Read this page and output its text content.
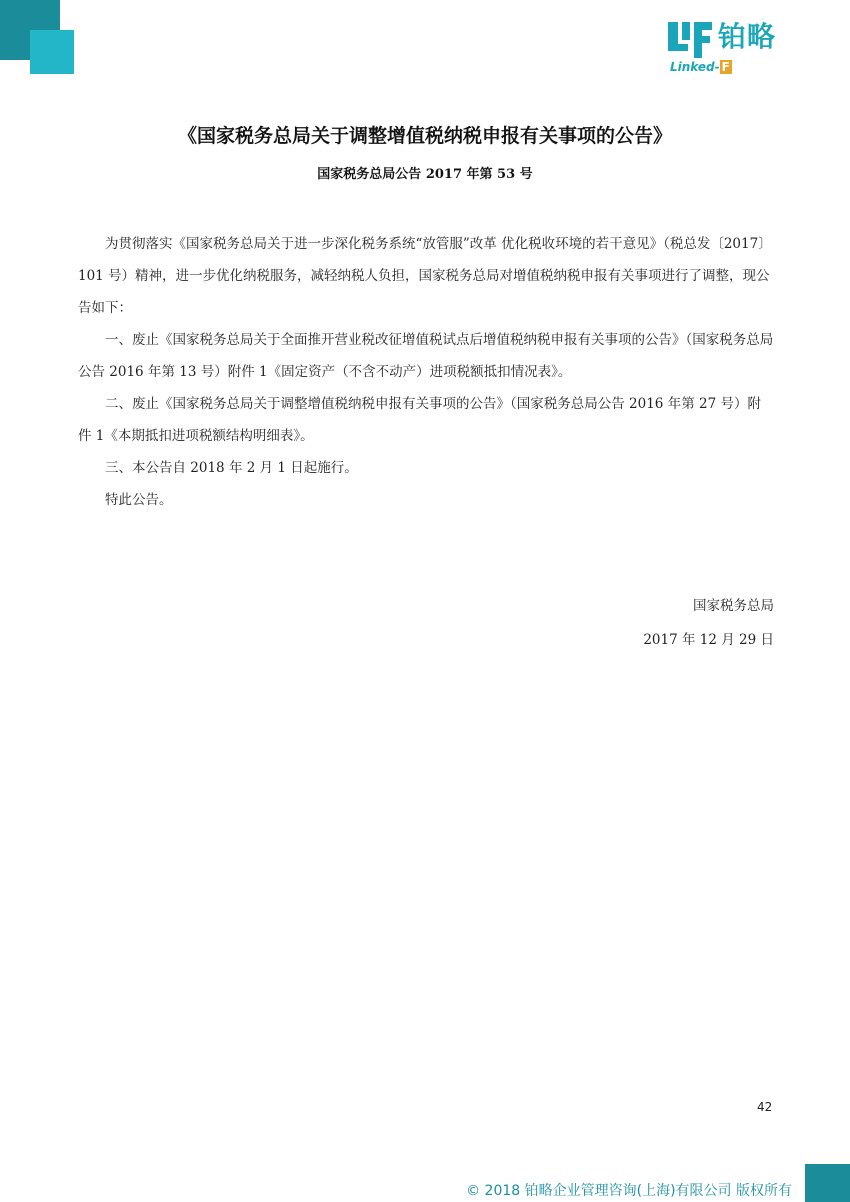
铂略
Linked- F
《国家税务总局关于调整增值税纳税申报有关事项的公告》
国家税务总局公告 2017 年第 53 号

为贯彻落实《国家税务总局关于进一步深化税务系统“放管服”改革 优化税收环境的若干意见》（税总发〔2017〕101 号）精神，进一步优化纳税服务，减轻纳税人负担，国家税务总局对增值税纳税申报有关事项进行了调整，现公告如下：

一、废止《国家税务总局关于全面推开营业税改征增值税试点后增值税纳税申报有关事项的公告》（国家税务总局公告 2016 年第 13 号）附件 1《固定资产（不含不动产）进项税额抵扣情况表》。

二、废止《国家税务总局关于调整增值税纳税申报有关事项的公告》（国家税务总局公告 2016 年第 27 号）附件 1《本期抵扣进项税额结构明细表》。

三、本公告自 2018 年 2 月 1 日起施行。

特此公告。

国家税务总局
2017 年 12 月 29 日
42
© 2018 铂略企业管理咨询(上海)有限公司 版权所有
